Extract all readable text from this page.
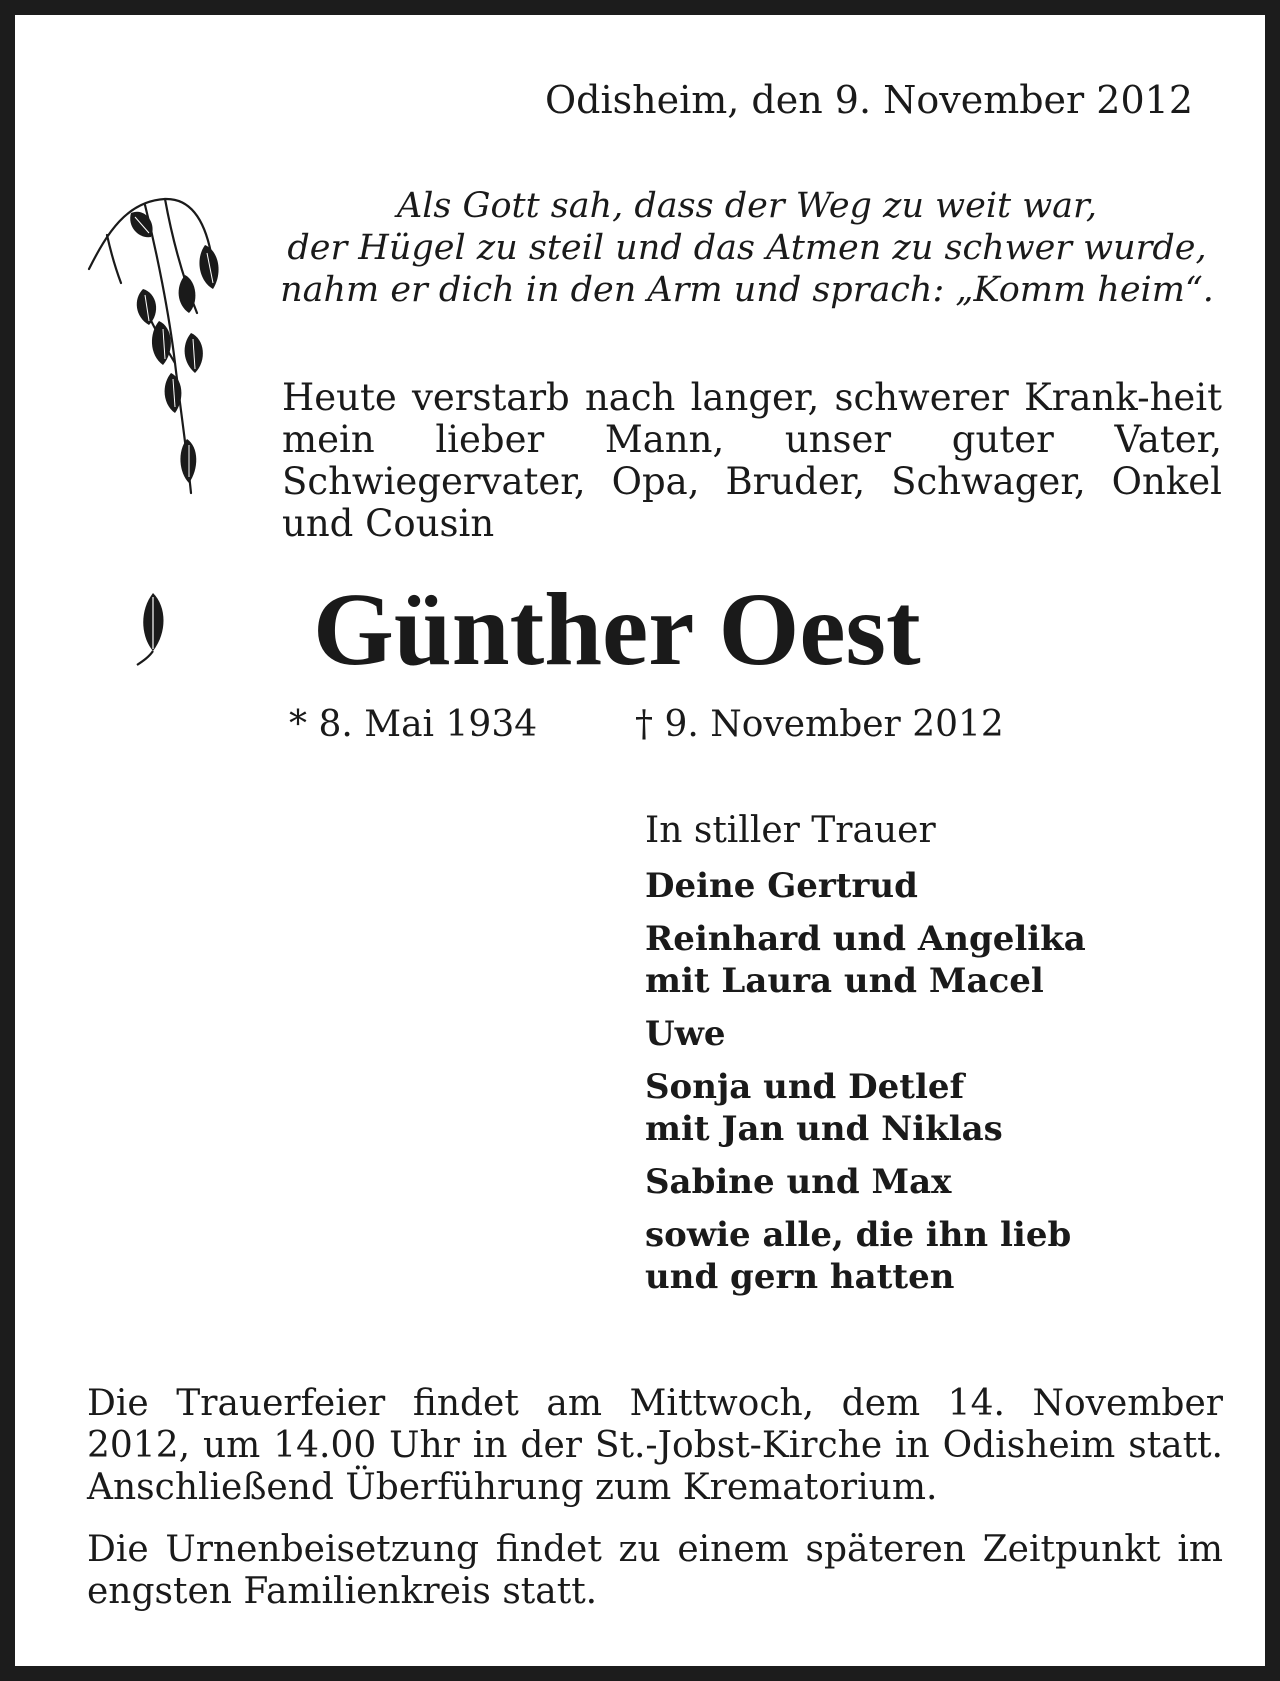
Odisheim, den 9. November 2012
Als Gott sah, dass der Weg zu weit war,
der Hügel zu steil und das Atmen zu schwer wurde,
nahm er dich in den Arm und sprach: „Komm heim“.
Heute verstarb nach langer, schwerer Krank-heit mein lieber Mann, unser guter Vater, Schwiegervater, Opa, Bruder, Schwager, Onkel und Cousin
Günther Oest
* 8. Mai 1934	† 9. November 2012
In stiller Trauer
Deine Gertrud
Reinhard und Angelika
mit Laura und Macel
Uwe
Sonja und Detlef
mit Jan und Niklas
Sabine und Max
sowie alle, die ihn lieb
und gern hatten

Die Trauerfeier findet am Mittwoch, dem 14. November 2012, um 14.00 Uhr in der St.-Jobst-Kirche in Odisheim statt. Anschließend Überführung zum Krematorium.

Die Urnenbeisetzung findet zu einem späteren Zeitpunkt im engsten Familienkreis statt.
